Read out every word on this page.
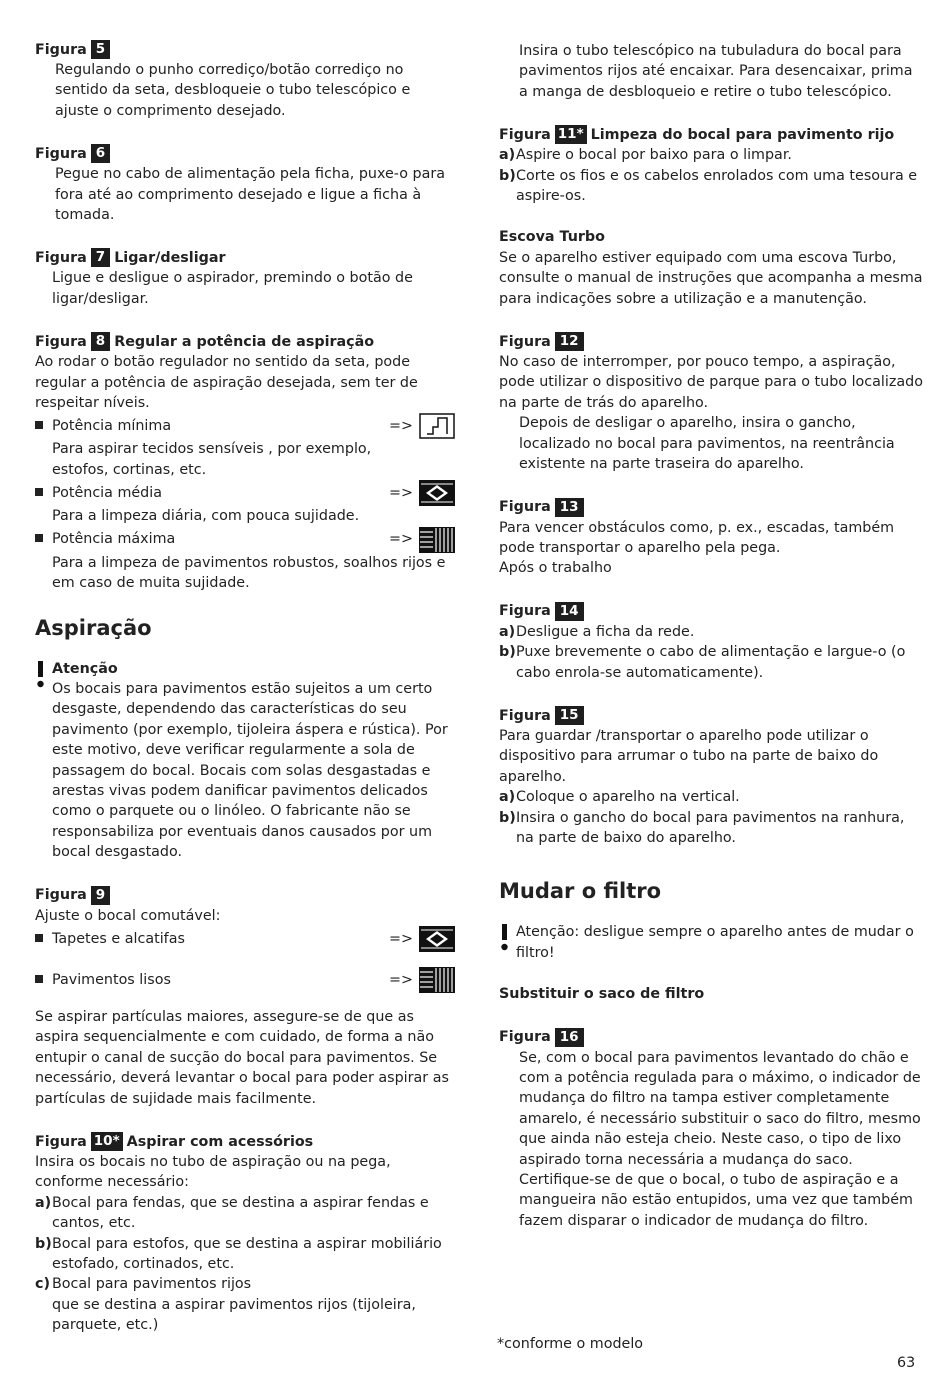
Figura 5

Regulando o punho corrediço/botão corrediço no sentido da seta, desbloqueie o tubo telescópico e ajuste o comprimento desejado.

Figura 6

Pegue no cabo de alimentação pela ficha, puxe-o para fora até ao comprimento desejado e ligue a ficha à tomada.

Figura 7 Ligar/desligar

Ligue e desligue o aspirador, premindo o botão de ligar/desligar.

Figura 8 Regular a potência de aspiração

Ao rodar o botão regulador no sentido da seta, pode regular a potência de aspiração desejada, sem ter de respeitar níveis.

Potência mínima	=>

Para aspirar tecidos sensíveis , por exemplo, estofos, cortinas, etc.

Potência média	=>

Para a limpeza diária, com pouca sujidade.

Potência máxima	=>

Para a limpeza de pavimentos robustos, soalhos rijos e em caso de muita sujidade.

Aspiração

Atenção

Os bocais para pavimentos estão sujeitos a um certo desgaste, dependendo das características do seu pavimento (por exemplo, tijoleira áspera e rústica). Por este motivo, deve verificar regularmente a sola de passagem do bocal. Bocais com solas desgastadas e arestas vivas podem danificar pavimentos delicados como o parquete ou o linóleo. O fabricante não se responsabiliza por eventuais danos causados por um bocal desgastado.

Figura 9

Ajuste o bocal comutável:

Tapetes e alcatifas	=>
Pavimentos lisos	=>

Se aspirar partículas maiores, assegure-se de que as aspira sequencialmente e com cuidado, de forma a não entupir o canal de sucção do bocal para pavimentos. Se necessário, deverá levantar o bocal para poder aspirar as partículas de sujidade mais facilmente.

Figura 10* Aspirar com acessórios

Insira os bocais no tubo de aspiração ou na pega, conforme necessário:

a) Bocal para fendas, que se destina a aspirar fendas e cantos, etc.
b) Bocal para estofos, que se destina a aspirar mobiliário estofado, cortinados, etc.
c) Bocal para pavimentos rijos

que se destina a aspirar pavimentos rijos (tijoleira, parquete, etc.)

Insira o tubo telescópico na tubuladura do bocal para pavimentos rijos até encaixar. Para desencaixar, prima a manga de desbloqueio e retire o tubo telescópico.

Figura 11* Limpeza do bocal para pavimento rijo
a) Aspire o bocal por baixo para o limpar.
b) Corte os fios e os cabelos enrolados com uma tesoura e aspire-os.

Escova Turbo

Se o aparelho estiver equipado com uma escova Turbo, consulte o manual de instruções que acompanha a mesma para indicações sobre a utilização e a manutenção.

Figura 12

No caso de interromper, por pouco tempo, a aspiração, pode utilizar o dispositivo de parque para o tubo localizado na parte de trás do aparelho.

Depois de desligar o aparelho, insira o gancho, localizado no bocal para pavimentos, na reentrância existente na parte traseira do aparelho.

Figura 13

Para vencer obstáculos como, p. ex., escadas, também pode transportar o aparelho pela pega.

Após o trabalho

Figura 14
a) Desligue a ficha da rede.
b) Puxe brevemente o cabo de alimentação e largue-o (o cabo enrola-se automaticamente).
Figura 15

Para guardar /transportar o aparelho pode utilizar o dispositivo para arrumar o tubo na parte de baixo do aparelho.

a) Coloque o aparelho na vertical.
b) Insira o gancho do bocal para pavimentos na ranhura, na parte de baixo do aparelho.
Mudar o filtro

Atenção: desligue sempre o aparelho antes de mudar o filtro!

Substituir o saco de filtro

Figura 16

Se, com o bocal para pavimentos levantado do chão e com a potência regulada para o máximo, o indicador de mudança do filtro na tampa estiver completamente amarelo, é necessário substituir o saco do filtro, mesmo que ainda não esteja cheio. Neste caso, o tipo de lixo aspirado torna necessária a mudança do saco.

Certifique-se de que o bocal, o tubo de aspiração e a mangueira não estão entupidos, uma vez que também fazem disparar o indicador de mudança do filtro.

*conforme o modelo
63
